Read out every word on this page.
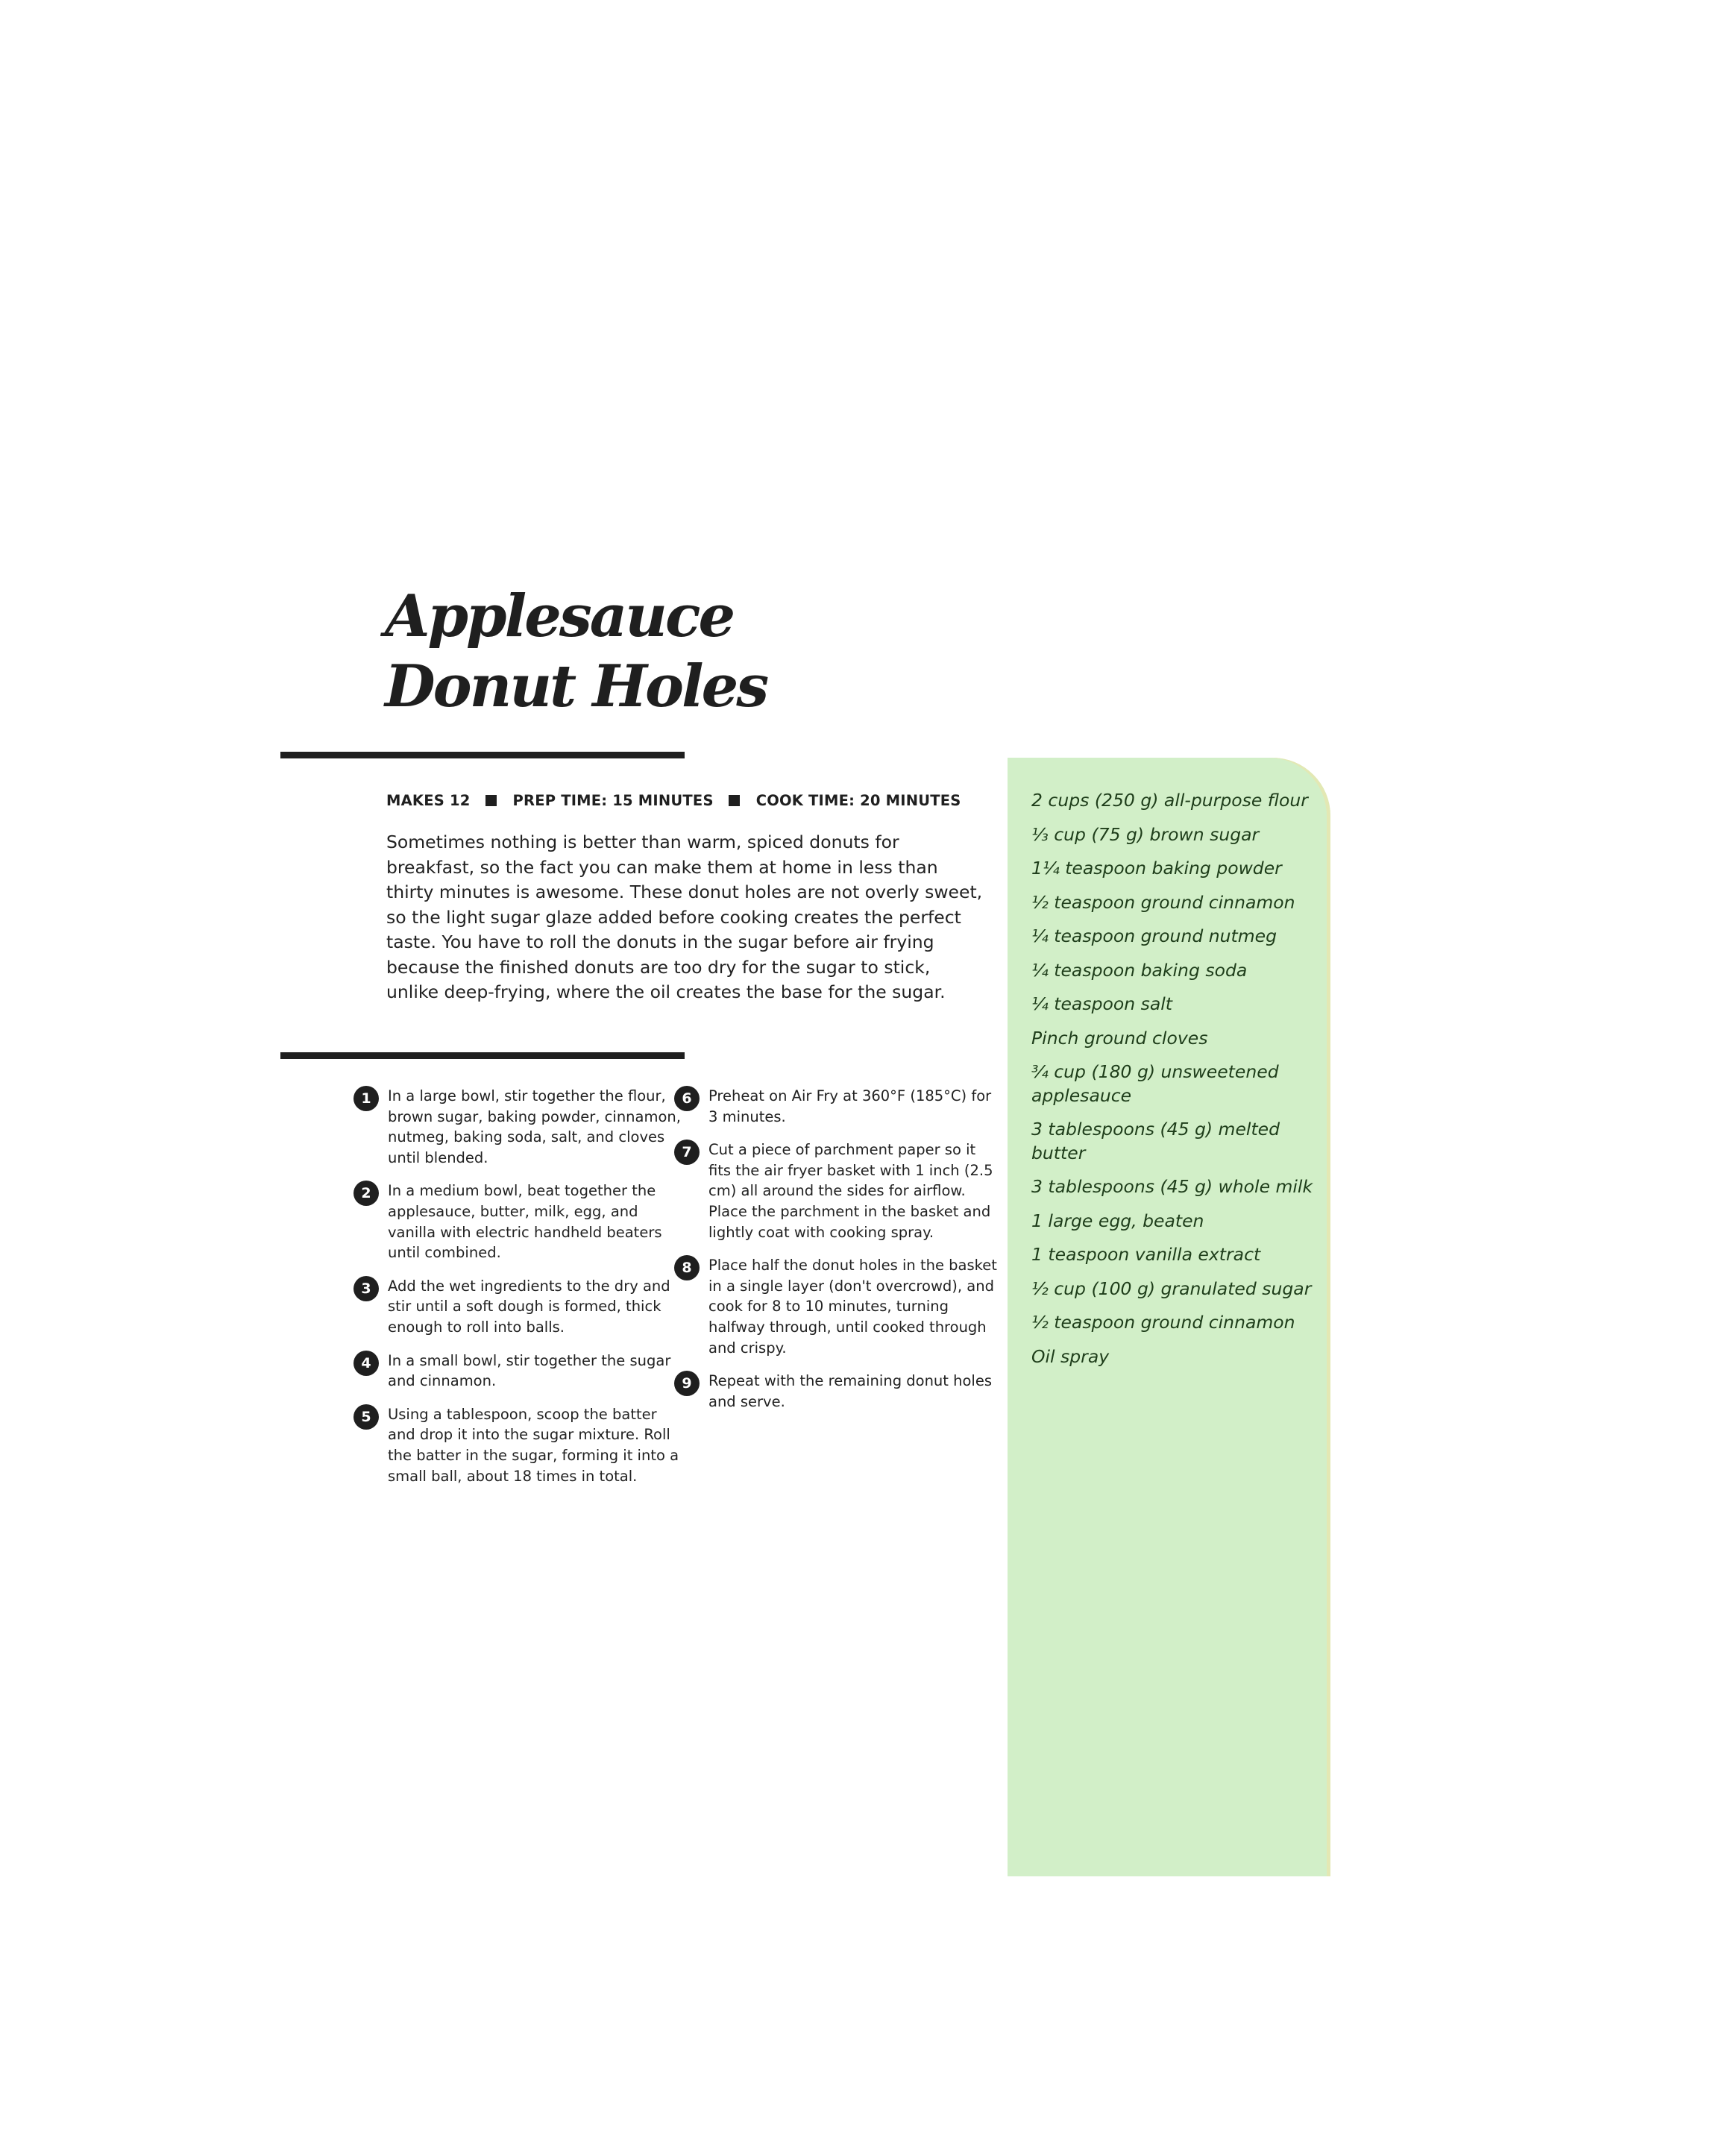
Applesauce
Donut Holes
MAKES 12	PREP TIME: 15 MINUTES	COOK TIME: 20 MINUTES

Sometimes nothing is better than warm, spiced donuts for breakfast, so the fact you can make them at home in less than thirty minutes is awesome. These donut holes are not overly sweet, so the light sugar glaze added before cooking creates the perfect taste. You have to roll the donuts in the sugar before air frying because the finished donuts are too dry for the sugar to stick, unlike deep-frying, where the oil creates the base for the sugar.

1	In a large bowl, stir together the flour, brown sugar, baking powder, cinnamon, nutmeg, baking soda, salt, and cloves until blended.
2	In a medium bowl, beat together the applesauce, butter, milk, egg, and vanilla with electric handheld beaters until combined.
3	Add the wet ingredients to the dry and stir until a soft dough is formed, thick enough to roll into balls.
4	In a small bowl, stir together the sugar and cinnamon.
5	Using a tablespoon, scoop the batter and drop it into the sugar mixture. Roll the batter in the sugar, forming it into a small ball, about 18 times in total.
6	Preheat on Air Fry at 360°F (185°C) for 3 minutes.
7	Cut a piece of parchment paper so it fits the air fryer basket with 1 inch (2.5 cm) all around the sides for airflow. Place the parchment in the basket and lightly coat with cooking spray.
8	Place half the donut holes in the basket in a single layer (don't overcrowd), and cook for 8 to 10 minutes, turning halfway through, until cooked through and crispy.
9	Repeat with the remaining donut holes and serve.
2 cups (250 g) all-purpose flour
⅓ cup (75 g) brown sugar
1¼ teaspoon baking powder
½ teaspoon ground cinnamon
¼ teaspoon ground nutmeg
¼ teaspoon baking soda
¼ teaspoon salt
Pinch ground cloves
¾ cup (180 g) unsweetened applesauce
3 tablespoons (45 g) melted butter
3 tablespoons (45 g) whole milk
1 large egg, beaten
1 teaspoon vanilla extract
½ cup (100 g) granulated sugar
½ teaspoon ground cinnamon
Oil spray
